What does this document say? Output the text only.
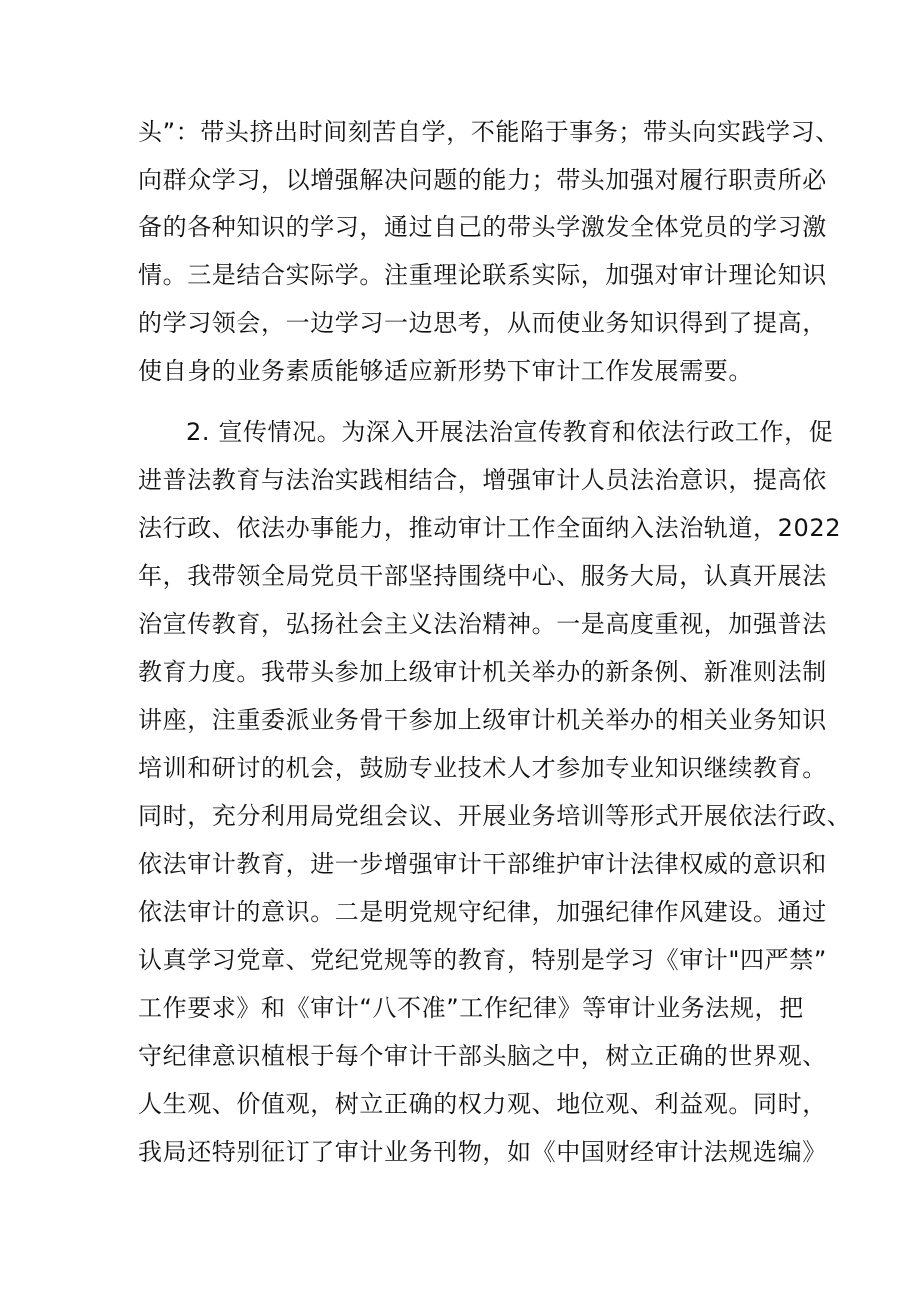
头”：带头挤出时间刻苦自学，不能陷于事务；带头向实践学习、
向群众学习，以增强解决问题的能力；带头加强对履行职责所必
备的各种知识的学习，通过自己的带头学激发全体党员的学习激
情。三是结合实际学。注重理论联系实际，加强对审计理论知识
的学习领会，一边学习一边思考，从而使业务知识得到了提高，
使自身的业务素质能够适应新形势下审计工作发展需要。
2. 宣传情况。为深入开展法治宣传教育和依法行政工作，促
进普法教育与法治实践相结合，增强审计人员法治意识，提高依
法行政、依法办事能力，推动审计工作全面纳入法治轨道，2022
年，我带领全局党员干部坚持围绕中心、服务大局，认真开展法
治宣传教育，弘扬社会主义法治精神。一是高度重视，加强普法
教育力度。我带头参加上级审计机关举办的新条例、新准则法制
讲座，注重委派业务骨干参加上级审计机关举办的相关业务知识
培训和研讨的机会，鼓励专业技术人才参加专业知识继续教育。
同时，充分利用局党组会议、开展业务培训等形式开展依法行政、
依法审计教育，进一步增强审计干部维护审计法律权威的意识和
依法审计的意识。二是明党规守纪律，加强纪律作风建设。通过
认真学习党章、党纪党规等的教育，特别是学习《审计"四严禁”
工作要求》和《审计“八不准”工作纪律》等审计业务法规，把
守纪律意识植根于每个审计干部头脑之中，树立正确的世界观、
人生观、价值观，树立正确的权力观、地位观、利益观。同时，
我局还特别征订了审计业务刊物，如《中国财经审计法规选编》
